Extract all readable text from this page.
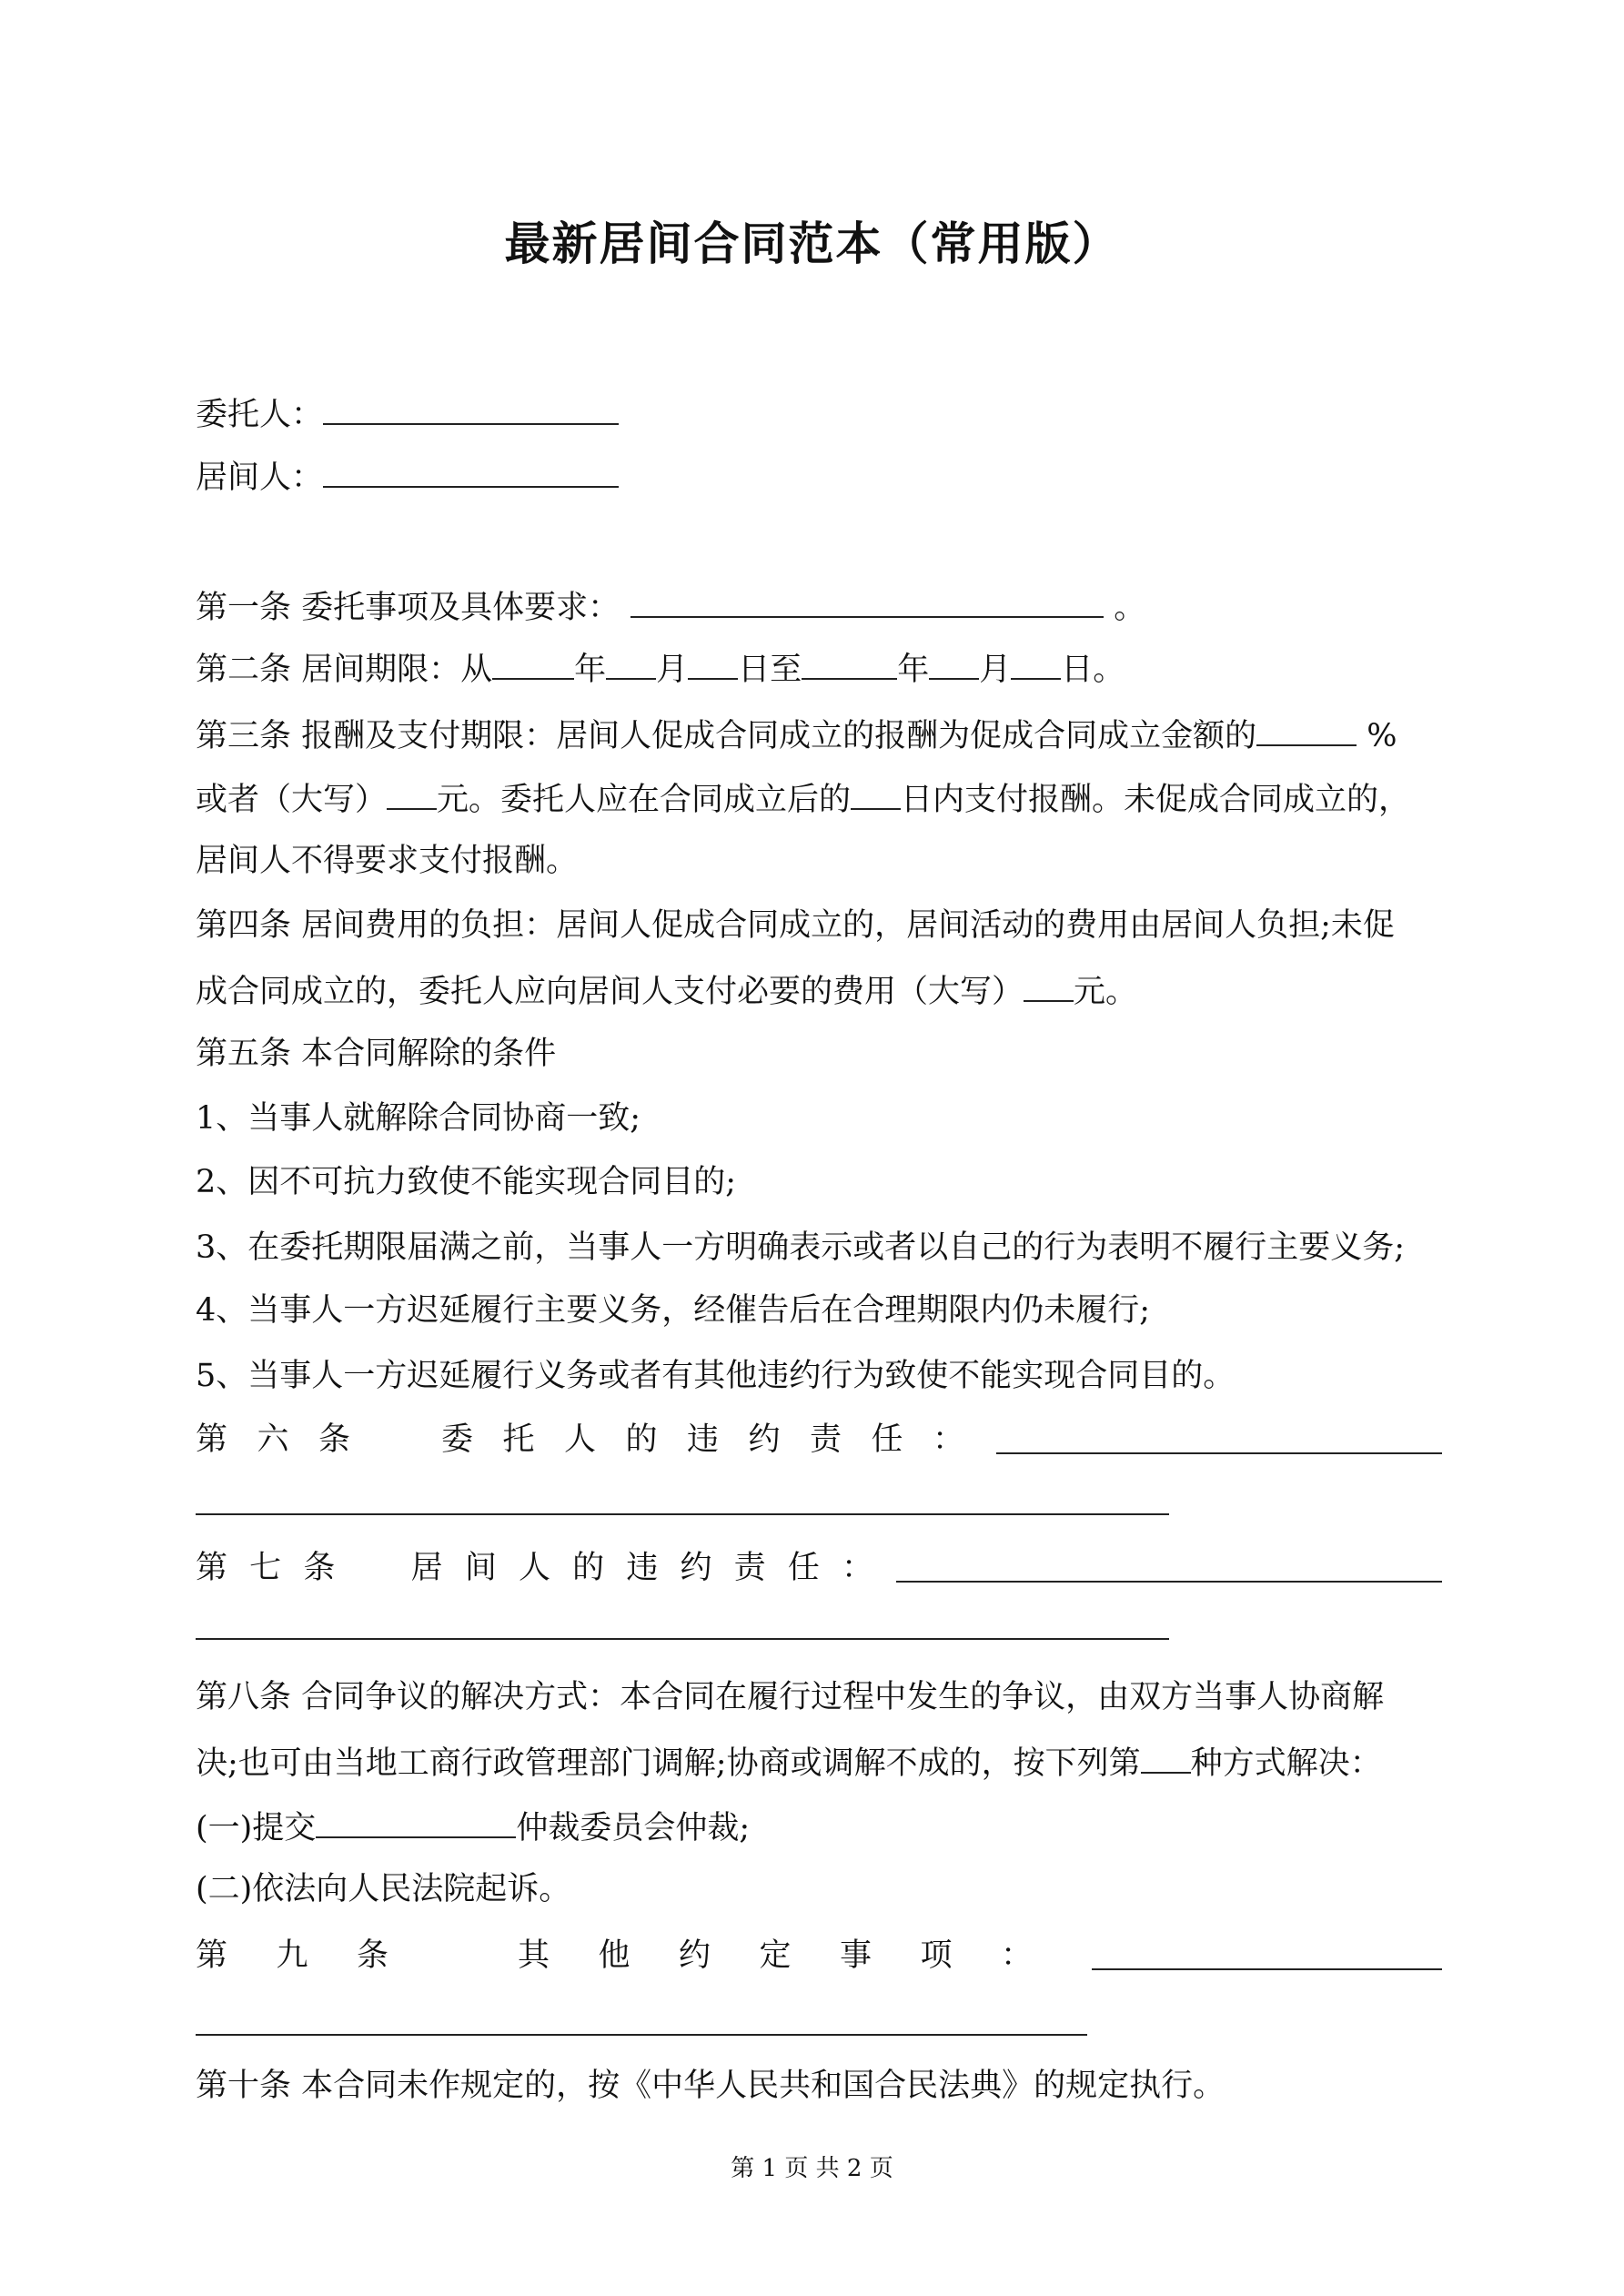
最新居间合同范本（常用版）
委托人：
居间人：
第一条 委托事项及具体要求：	。
第二条 居间期限：从	年 月 日至	年 月 日。
第三条 报酬及支付期限：居间人促成合同成立的报酬为促成合同成立金额的	%
或者（大写） 元。委托人应在合同成立后的 日内支付报酬。未促成合同成立的，
居间人不得要求支付报酬。
第四条 居间费用的负担：居间人促成合同成立的，居间活动的费用由居间人负担;未促
成合同成立的，委托人应向居间人支付必要的费用（大写） 元。
第五条 本合同解除的条件
1、当事人就解除合同协商一致;
2、因不可抗力致使不能实现合同目的;
3、在委托期限届满之前，当事人一方明确表示或者以自己的行为表明不履行主要义务;
4、当事人一方迟延履行主要义务，经催告后在合理期限内仍未履行;
5、当事人一方迟延履行义务或者有其他违约行为致使不能实现合同目的。
第六条　委托人的违约责任：
第七条　居间人的违约责任：
第八条 合同争议的解决方式：本合同在履行过程中发生的争议，由双方当事人协商解
决;也可由当地工商行政管理部门调解;协商或调解不成的，按下列第 种方式解决：
(一)提交	仲裁委员会仲裁;
(二)依法向人民法院起诉。
第九条　其他约定事项：
第十条 本合同未作规定的，按《中华人民共和国合民法典》的规定执行。
第 1 页 共 2 页
